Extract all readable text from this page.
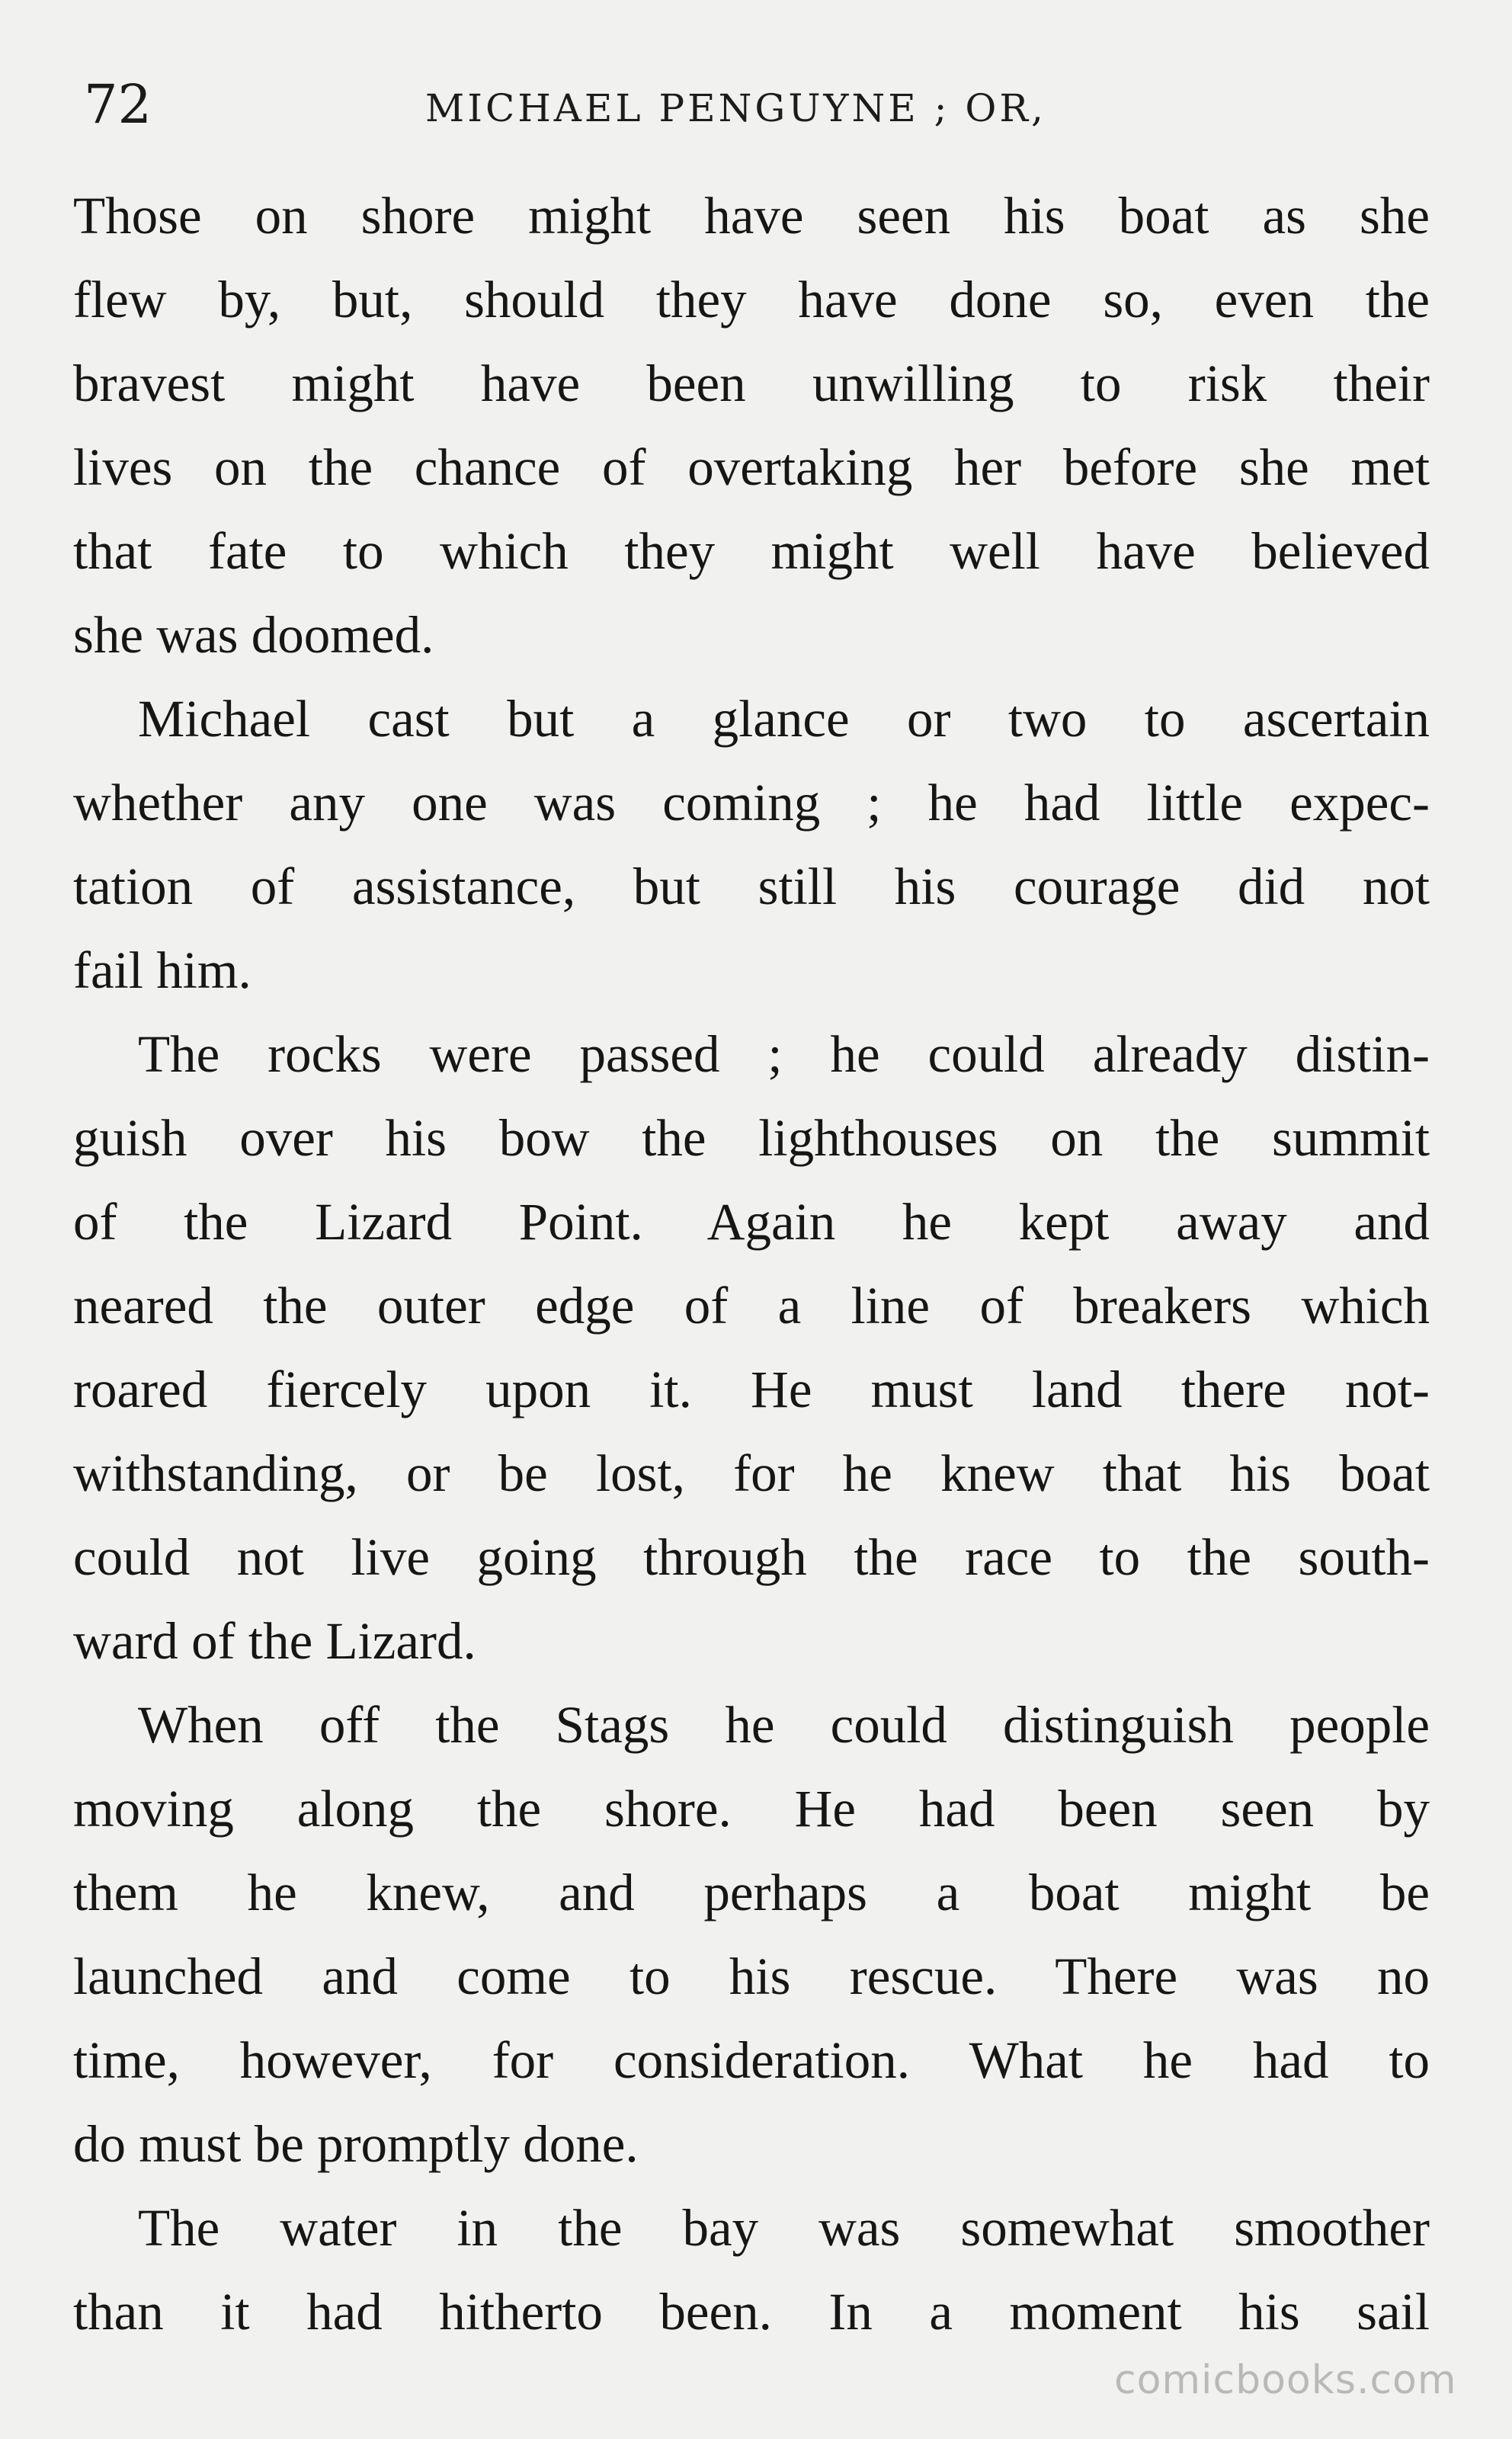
72	MICHAEL PENGUYNE ; OR,
Those on shore might have seen his boat as she
flew by, but, should they have done so, even the
bravest might have been unwilling to risk their
lives on the chance of overtaking her before she met
that fate to which they might well have believed
she was doomed.
Michael cast but a glance or two to ascertain
whether any one was coming ; he had little expec-
tation of assistance, but still his courage did not
fail him.
The rocks were passed ; he could already distin-
guish over his bow the lighthouses on the summit
of the Lizard Point. Again he kept away and
neared the outer edge of a line of breakers which
roared fiercely upon it. He must land there not-
withstanding, or be lost, for he knew that his boat
could not live going through the race to the south-
ward of the Lizard.
When off the Stags he could distinguish people
moving along the shore. He had been seen by
them he knew, and perhaps a boat might be
launched and come to his rescue. There was no
time, however, for consideration. What he had to
do must be promptly done.
The water in the bay was somewhat smoother
than it had hitherto been. In a moment his sail
comicbooks.com
